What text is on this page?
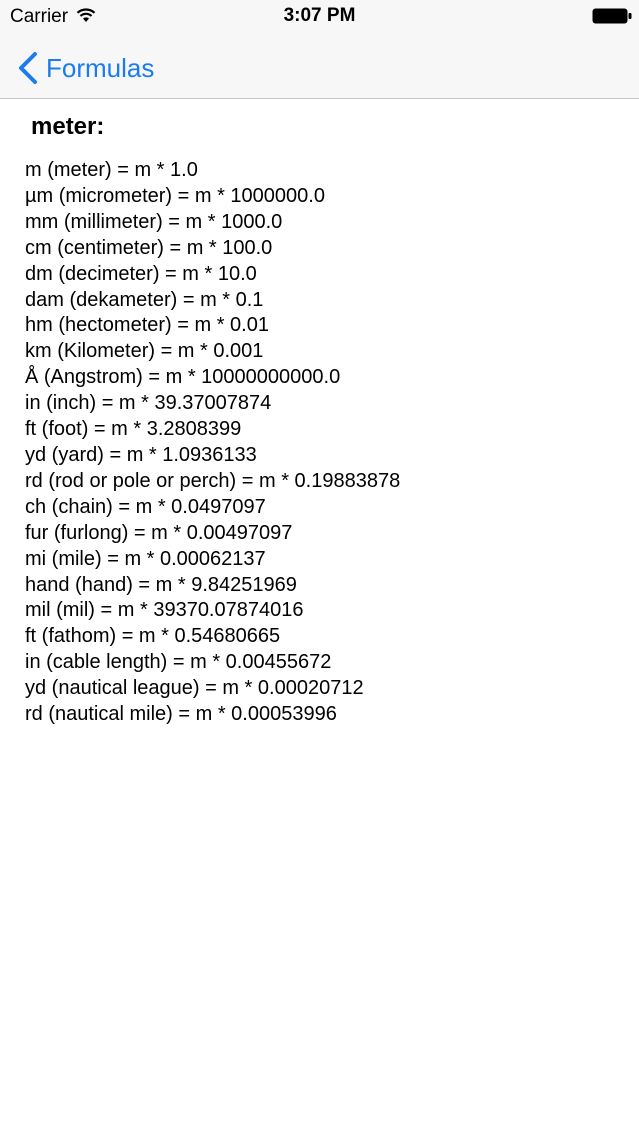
Carrier	3:07 PM
Formulas
meter:
m (meter) = m * 1.0
µm (micrometer) = m * 1000000.0
mm (millimeter) = m * 1000.0
cm (centimeter) = m * 100.0
dm (decimeter) = m * 10.0
dam (dekameter) = m * 0.1
hm (hectometer) = m * 0.01
km (Kilometer) = m * 0.001
Å (Angstrom) = m * 10000000000.0
in (inch) = m * 39.37007874
ft (foot) = m * 3.2808399
yd (yard) = m * 1.0936133
rd (rod or pole or perch) = m * 0.19883878
ch (chain) = m * 0.0497097
fur (furlong) = m * 0.00497097
mi (mile) = m * 0.00062137
hand (hand) = m * 9.84251969
mil (mil) = m * 39370.07874016
ft (fathom) = m * 0.54680665
in (cable length) = m * 0.00455672
yd (nautical league) = m * 0.00020712
rd (nautical mile) = m * 0.00053996
